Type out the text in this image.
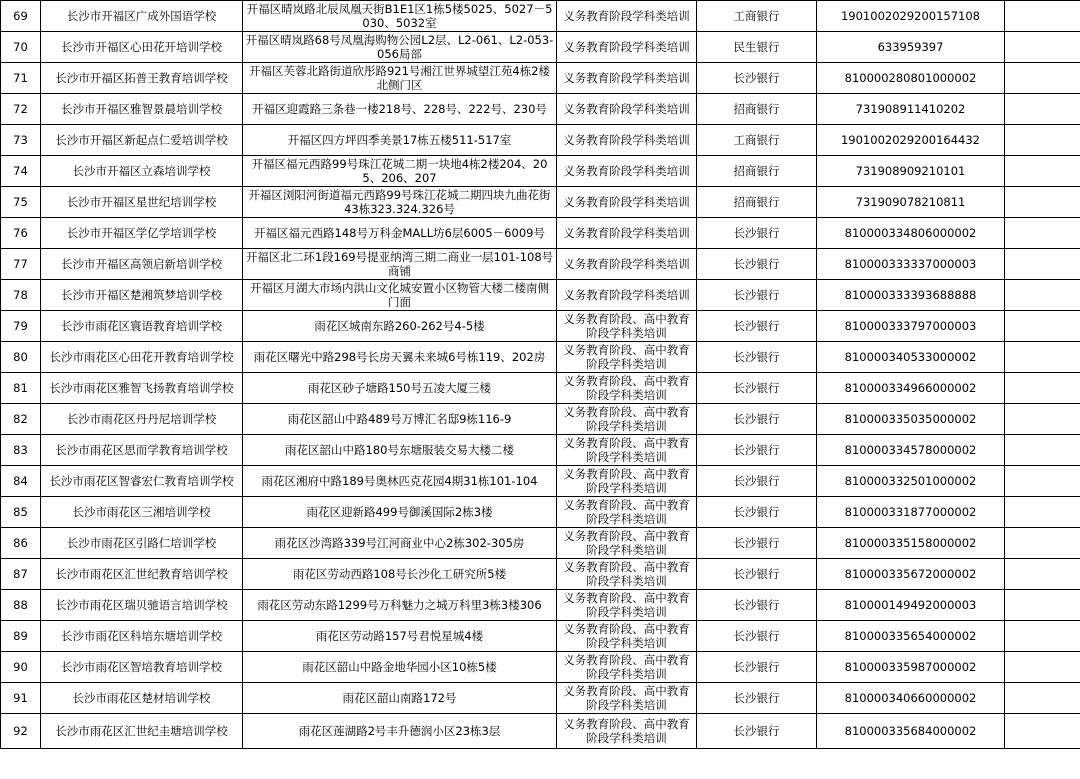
69	长沙市开福区广成外国语学校	开福区晴岚路北辰凤凰天街B1E1区1栋5楼5025、5027－5030、5032室	义务教育阶段学科类培训	工商银行	1901002029200157108	
70	长沙市开福区心田花开培训学校	开福区晴岚路68号凤凰海购物公园L2层、L2-061、L2-053-056局部	义务教育阶段学科类培训	民生银行	633959397	
71	长沙市开福区拓普王教育培训学校	开福区芙蓉北路街道欣彤路921号湘江世界城望江苑4栋2楼北侧门区	义务教育阶段学科类培训	长沙银行	810000280801000002	
72	长沙市开福区雅智景晨培训学校	开福区迎霞路三条巷一楼218号、228号、222号、230号	义务教育阶段学科类培训	招商银行	731908911410202	
73	长沙市开福区新起点仁爱培训学校	开福区四方坪四季美景17栋五楼511-517室	义务教育阶段学科类培训	工商银行	1901002029200164432	
74	长沙市开福区立森培训学校	开福区福元西路99号珠江花城二期一块地4栋2楼204、205、206、207	义务教育阶段学科类培训	招商银行	731908909210101	
75	长沙市开福区星世纪培训学校	开福区浏阳河街道福元西路99号珠江花城二期四块九曲花街43栋323.324.326号	义务教育阶段学科类培训	招商银行	731909078210811	
76	长沙市开福区学亿学培训学校	开福区福元西路148号万科金MALL坊6层6005－6009号	义务教育阶段学科类培训	长沙银行	810000334806000002	
77	长沙市开福区高领启新培训学校	开福区北二环1段169号提亚纳湾三期二商业一层101-108号商铺	义务教育阶段学科类培训	长沙银行	810000333337000003	
78	长沙市开福区楚湘筑梦培训学校	开福区月湖大市场内洪山文化城安置小区物管大楼二楼南侧门面	义务教育阶段学科类培训	长沙银行	810000333393688888	
79	长沙市雨花区寰语教育培训学校	雨花区城南东路260-262号4-5楼	义务教育阶段、高中教育阶段学科类培训	长沙银行	810000333797000003	
80	长沙市雨花区心田花开教育培训学校	雨花区曙光中路298号长房天翼未来城6号栋119、202房	义务教育阶段、高中教育阶段学科类培训	长沙银行	810000340533000002	
81	长沙市雨花区雅智飞扬教育培训学校	雨花区砂子塘路150号五凌大厦三楼	义务教育阶段、高中教育阶段学科类培训	长沙银行	810000334966000002	
82	长沙市雨花区丹丹尼培训学校	雨花区韶山中路489号万博汇名邸9栋116-9	义务教育阶段、高中教育阶段学科类培训	长沙银行	810000335035000002	
83	长沙市雨花区思而学教育培训学校	雨花区韶山中路180号东塘服装交易大楼二楼	义务教育阶段、高中教育阶段学科类培训	长沙银行	810000334578000002	
84	长沙市雨花区智睿宏仁教育培训学校	雨花区湘府中路189号奥林匹克花园4期31栋101-104	义务教育阶段、高中教育阶段学科类培训	长沙银行	810000332501000002	
85	长沙市雨花区三湘培训学校	雨花区迎新路499号御溪国际2栋3楼	义务教育阶段、高中教育阶段学科类培训	长沙银行	810000331877000002	
86	长沙市雨花区引路仁培训学校	雨花区沙湾路339号江河商业中心2栋302-305房	义务教育阶段、高中教育阶段学科类培训	长沙银行	810000335158000002	
87	长沙市雨花区汇世纪教育培训学校	雨花区劳动西路108号长沙化工研究所5楼	义务教育阶段、高中教育阶段学科类培训	长沙银行	810000335672000002	
88	长沙市雨花区瑞贝驰语言培训学校	雨花区劳动东路1299号万科魅力之城万科里3栋3楼306	义务教育阶段、高中教育阶段学科类培训	长沙银行	810000149492000003	
89	长沙市雨花区科培东塘培训学校	雨花区劳动路157号君悦星城4楼	义务教育阶段、高中教育阶段学科类培训	长沙银行	810000335654000002	
90	长沙市雨花区智培教育培训学校	雨花区韶山中路金地华园小区10栋5楼	义务教育阶段、高中教育阶段学科类培训	长沙银行	810000335987000002	
91	长沙市雨花区楚材培训学校	雨花区韶山南路172号	义务教育阶段、高中教育阶段学科类培训	长沙银行	810000340660000002	
92	长沙市雨花区汇世纪圭塘培训学校	雨花区莲湖路2号丰升德润小区23栋3层	义务教育阶段、高中教育阶段学科类培训	长沙银行	810000335684000002	
